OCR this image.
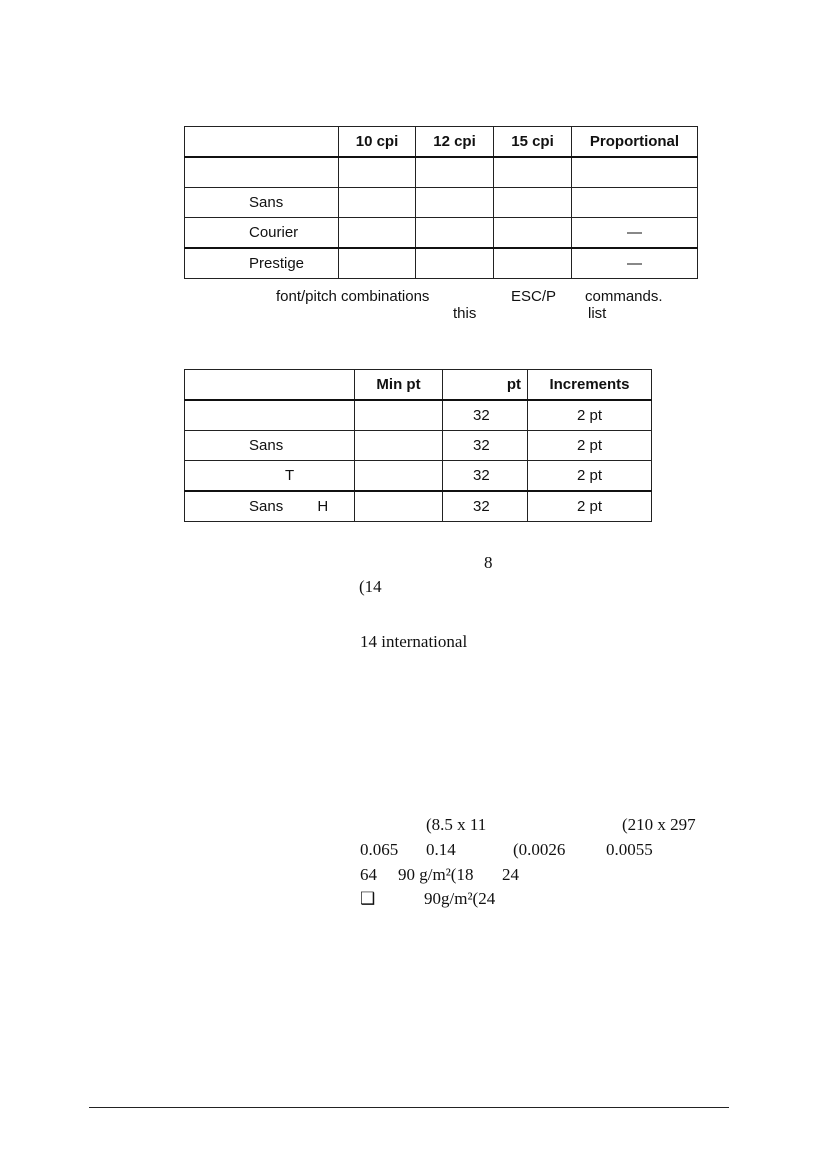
	10 cpi	12 cpi	15 cpi	Proportional

Sans				
Courier				—
Prestige				—
font/pitch combinations	ESC/P commands.
this	list
	Min pt	pt	Increments
		32	2 pt
Sans		32	2 pt
T		32	2 pt
Sans H		32	2 pt
8
(14
14 international
(8.5 x 11	(210 x 297
0.065 0.14	(0.0026 0.0055
64 90 g/m²(18 24
❑	90g/m²(24
